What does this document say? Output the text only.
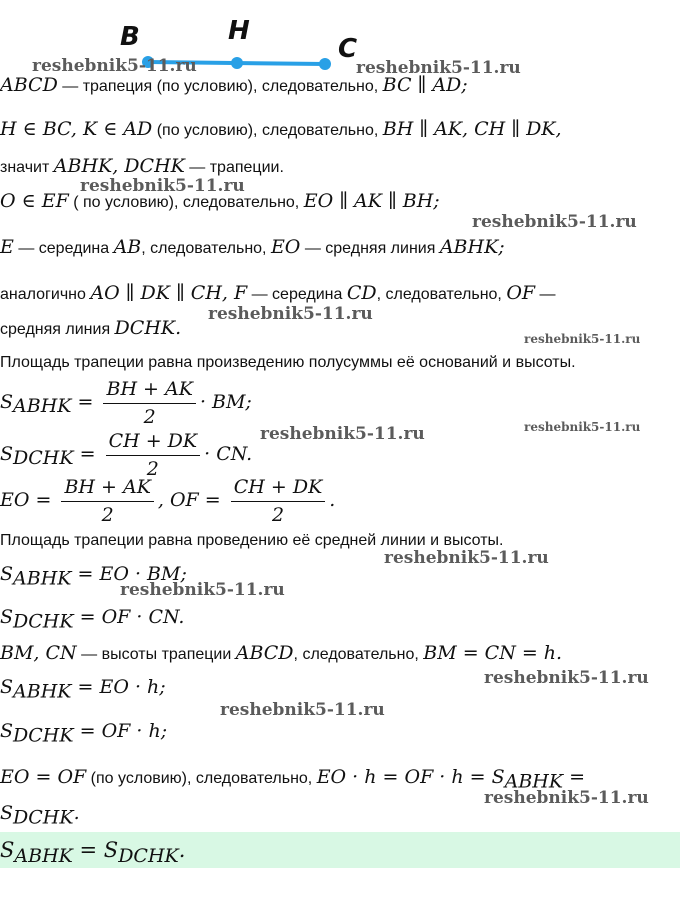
B	H
C
reshebnik5-11.ru	reshebnik5-11.ru
reshebnik5-11.ru
reshebnik5-11.ru
reshebnik5-11.ru
reshebnik5-11.ru
reshebnik5-11.ru	reshebnik5-11.ru
reshebnik5-11.ru
reshebnik5-11.ru
reshebnik5-11.ru
reshebnik5-11.ru
reshebnik5-11.ru
ABCD — трапеция (по условию), следовательно, BC ∥ AD;
H ∈ BC, K ∈ AD (по условию), следовательно, BH ∥ AK, CH ∥ DK,
значит ABHK, DCHK — трапеции.
O ∈ EF ( по условию), следовательно, EO ∥ AK ∥ BH;
E — середина AB, следовательно, EO — средняя линия ABHK;
аналогично AO ∥ DK ∥ CH, F — середина CD, следовательно, OF —
средняя линия DCHK.
Площадь трапеции равна произведению полусуммы её оснований и высоты.
$S_{ABHK} = \frac{BH + AK}{2}$ · BM;
$S_{DCHK} = \frac{CH + DK}{2}$ · CN.
EO = $\frac{BH + AK}{2}$ , OF = $\frac{CH + DK}{2}$ .
Площадь трапеции равна проведению её средней линии и высоты.
$S_{ABHK}$ = EO · BM;
$S_{DCHK}$ = OF · CN.
BM, CN — высоты трапеции ABCD, следовательно, BM = CN = h.
$S_{ABHK}$ = EO · h;
$S_{DCHK}$ = OF · h;
EO = OF (по условию), следовательно, EO · h = OF · $h = S_{ABHK}$ =
$S_{DCHK}$.
$S_{ABHK} = S_{DCHK}$.
